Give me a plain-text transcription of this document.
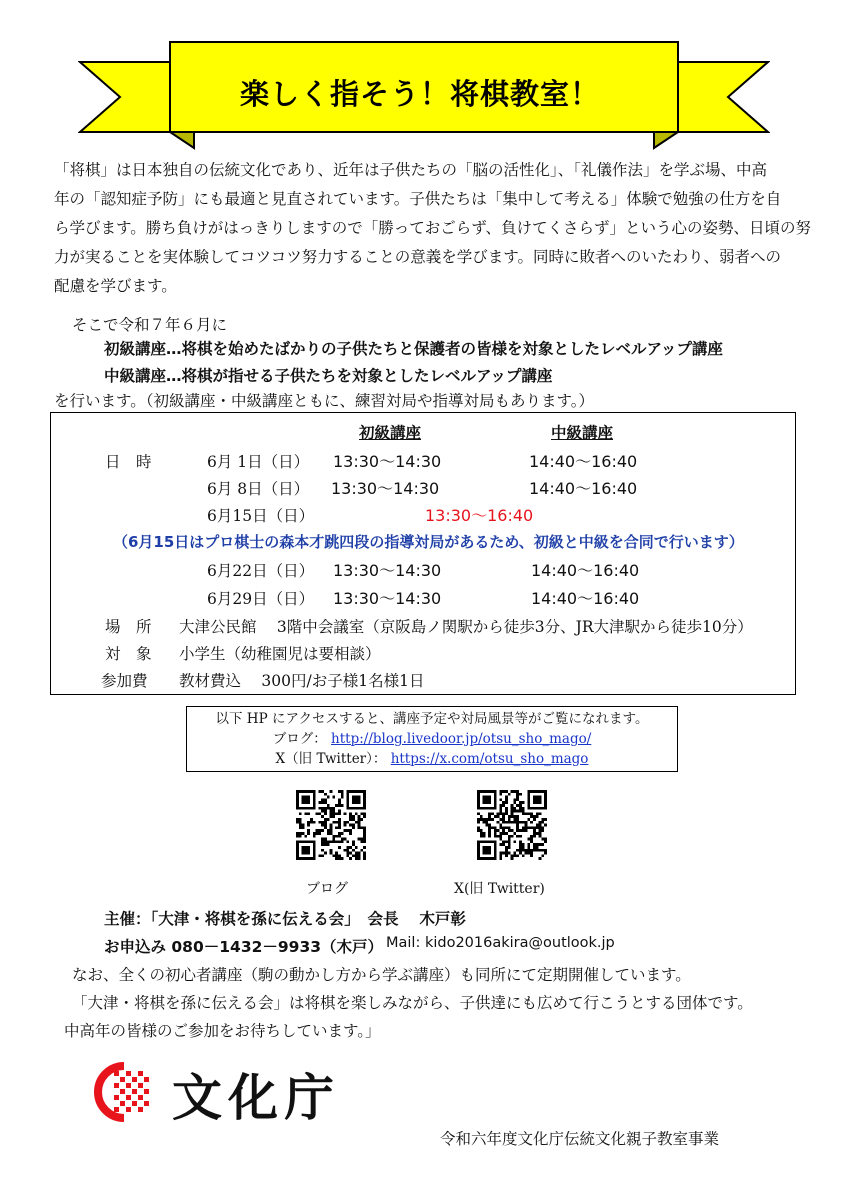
楽しく指そう！将棋教室！
「将棋」は日本独自の伝統文化であり、近年は子供たちの「脳の活性化」、「礼儀作法」を学ぶ場、中高
年の「認知症予防」にも最適と見直されています。子供たちは「集中して考える」体験で勉強の仕方を自
ら学びます。勝ち負けがはっきりしますので「勝っておごらず、負けてくさらず」という心の姿勢、日頃の努
力が実ることを実体験してコツコツ努力することの意義を学びます。同時に敗者へのいたわり、弱者への
配慮を学びます。
そこで令和７年６月に
初級講座…将棋を始めたばかりの子供たちと保護者の皆様を対象としたレベルアップ講座
中級講座…将棋が指せる子供たちを対象としたレベルアップ講座
を行います。（初級講座・中級講座ともに、練習対局や指導対局もあります。）
初級講座	中級講座
日　時	6月 1日（日） 13:30〜14:30	14:40〜16:40
6月 8日（日） 13:30〜14:30	14:40〜16:40
6月15日（日）	13:30〜16:40
（6月15日はプロ棋士の森本才跳四段の指導対局があるため、初級と中級を合同で行います）
6月22日（日） 13:30〜14:30	14:40〜16:40
6月29日（日） 13:30〜14:30	14:40〜16:40
場　所 大津公民館　 3階中会議室（京阪島ノ関駅から徒歩3分、JR大津駅から徒歩10分）
対　象 小学生（幼稚園児は要相談）
参加費 教材費込　 300円/お子様1名様1日
以下 HP にアクセスすると、講座予定や対局風景等がご覧になれます。
ブログ： http://blog.livedoor.jp/otsu_sho_mago/
X（旧 Twitter）： https://x.com/otsu_sho_mago
ブログ	X(旧 Twitter)
主催：「大津・将棋を孫に伝える会」　会長　 木戸彰
お申込み 080－1432－9933（木戸） Mail: kido2016akira@outlook.jp
なお、全くの初心者講座（駒の動かし方から学ぶ講座）も同所にて定期開催しています。
「大津・将棋を孫に伝える会」は将棋を楽しみながら、子供達にも広めて行こうとする団体です。
中高年の皆様のご参加をお待ちしています。」
文化庁
令和六年度文化庁伝統文化親子教室事業
